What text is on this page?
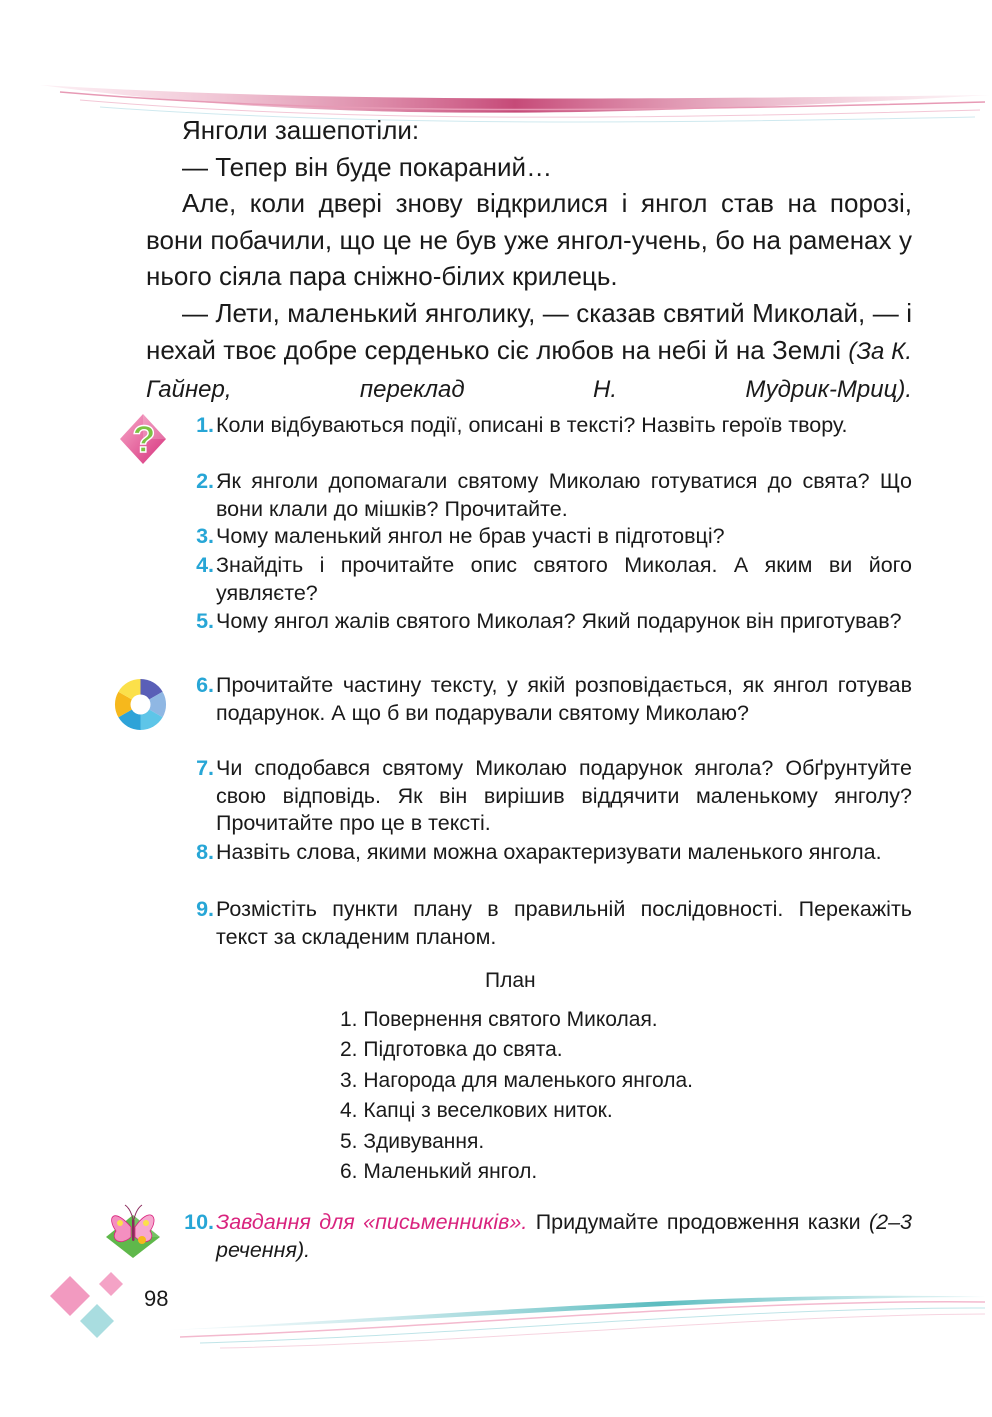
Янголи зашепотіли:

— Тепер він буде покараний…

Але, коли двері знову відкрилися і янгол став на порозі, вони побачили, що це не був уже янгол-учень, бо на раменах у нього сіяла пара сніжно-білих крилець.

— Лети, маленький янголику, — сказав святий Миколай, — і нехай твоє добре серденько сіє любов на небі й на Землі (За К. Гайнер, переклад Н. Мудрик-Мриц).

?	1. Коли відбуваються події, описані в тексті? Назвіть героїв твору.
2. Як янголи допомагали святому Миколаю готуватися до свята? Що вони клали до мішків? Прочитайте.
3. Чому маленький янгол не брав участі в підготовці?
4. Знайдіть і прочитайте опис святого Миколая. А яким ви його уявляєте?
5. Чому янгол жалів святого Миколая? Який подарунок він приготував?
6. Прочитайте частину тексту, у якій розповідається, як янгол готував подарунок. А що б ви подарували святому Миколаю?
7. Чи сподобався святому Миколаю подарунок янгола? Обґрунтуйте свою відповідь. Як він вирішив віддячити маленькому янголу? Прочитайте про це в тексті.
8. Назвіть слова, якими можна охарактеризувати маленького янгола.
9. Розмістіть пункти плану в правильній послідовності. Перекажіть текст за складеним планом.
План
1. Повернення святого Миколая.
2. Підготовка до свята.
3. Нагорода для маленького янгола.
4. Капці з веселкових ниток.
5. Здивування.
6. Маленький янгол.
10. Завдання для «письменників». Придумайте продовження казки (2–3 речення).
98
